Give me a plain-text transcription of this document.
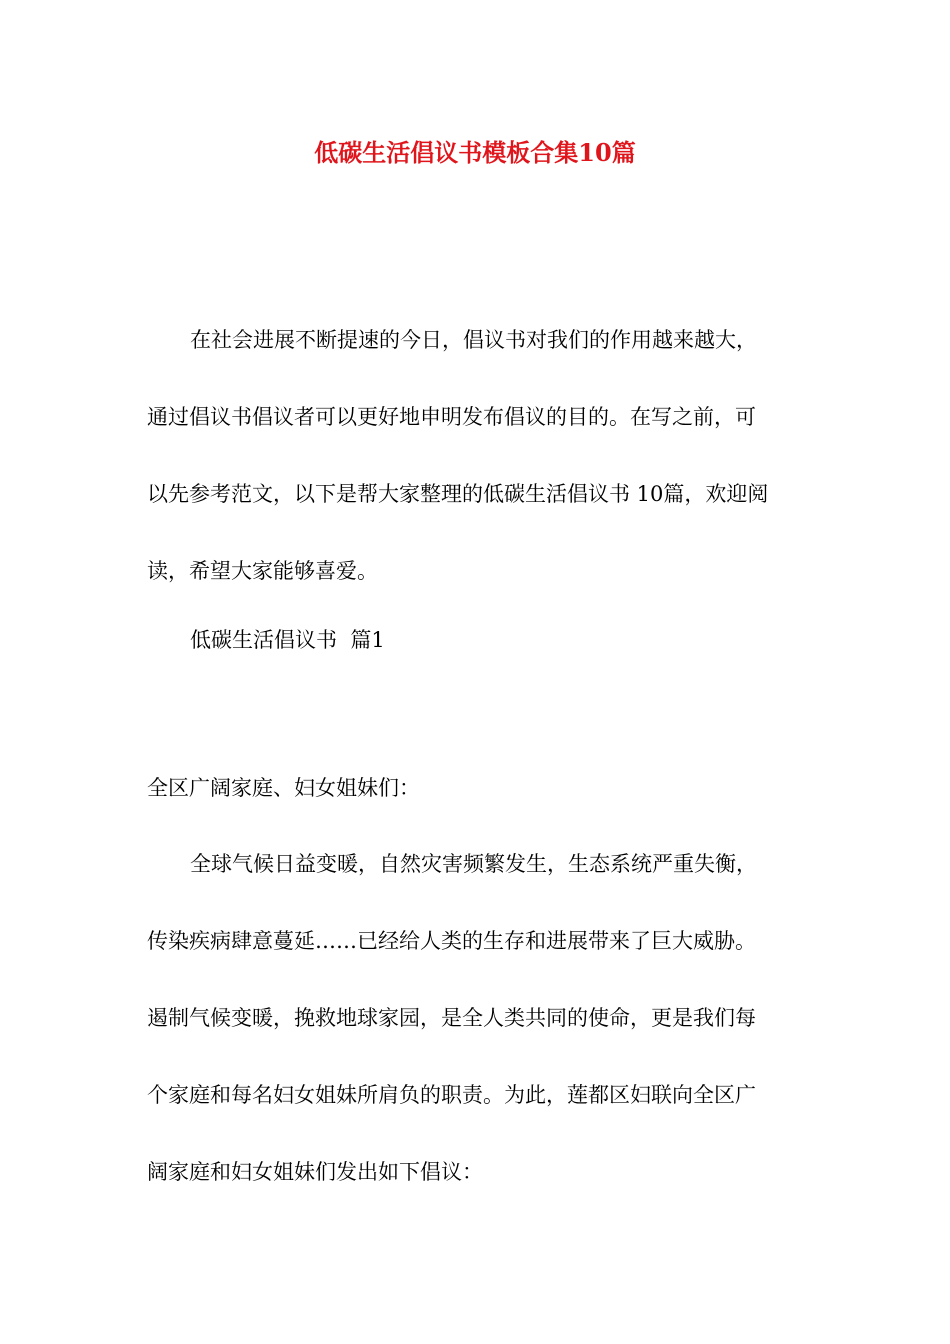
低碳生活倡议书模板合集10篇
在社会进展不断提速的今日，倡议书对我们的作用越来越大，
通过倡议书倡议者可以更好地申明发布倡议的目的。在写之前，可
以先参考范文，以下是帮大家整理的低碳生活倡议书 10篇，欢迎阅
读，希望大家能够喜爱。
低碳生活倡议书  篇1
全区广阔家庭、妇女姐妹们：
全球气候日益变暖，自然灾害频繁发生，生态系统严重失衡，
传染疾病肆意蔓延……已经给人类的生存和进展带来了巨大威胁。
遏制气候变暖，挽救地球家园，是全人类共同的使命，更是我们每
个家庭和每名妇女姐妹所肩负的职责。为此，莲都区妇联向全区广
阔家庭和妇女姐妹们发出如下倡议：
